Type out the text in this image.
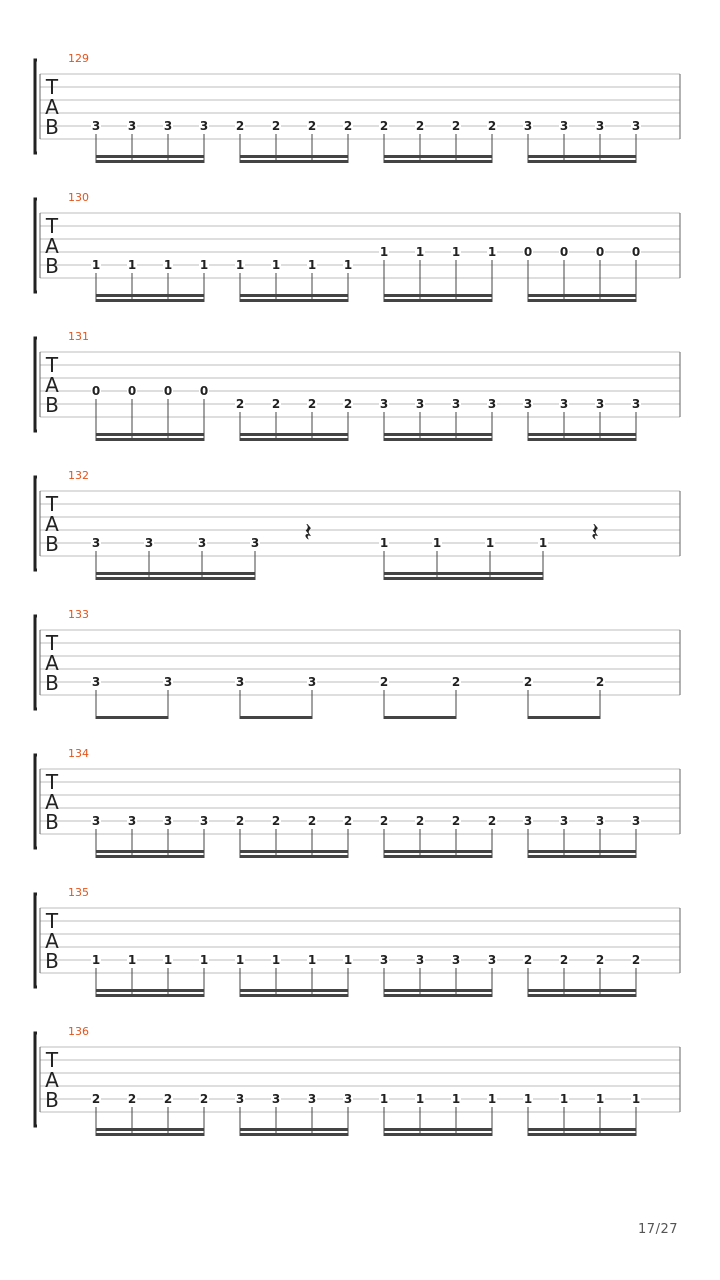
T
A
B
129
3 3 3 3 2 2 2 2 2 2 2 2 3 3 3 3
T
A
B
130
1 1 1 1 1 1 1 1
1 1 1 1 0 0 0 0
T
A
B
131
0 0 0 0
2 2 2 2 3 3 3 3 3 3 3 3
T
A
B
132
3	3	3	3 𝄽	1	1	1	1 𝄽
T
A
B
133
3	3	3	3	2	2	2	2
T
A
B
134
3 3 3 3 2 2 2 2 2 2 2 2 3 3 3 3
T
A
B
135
1 1 1 1 1 1 1 1 3 3 3 3 2 2 2 2
T
A
B
136
2 2 2 2 3 3 3 3 1 1 1 1 1 1 1 1
17/27
